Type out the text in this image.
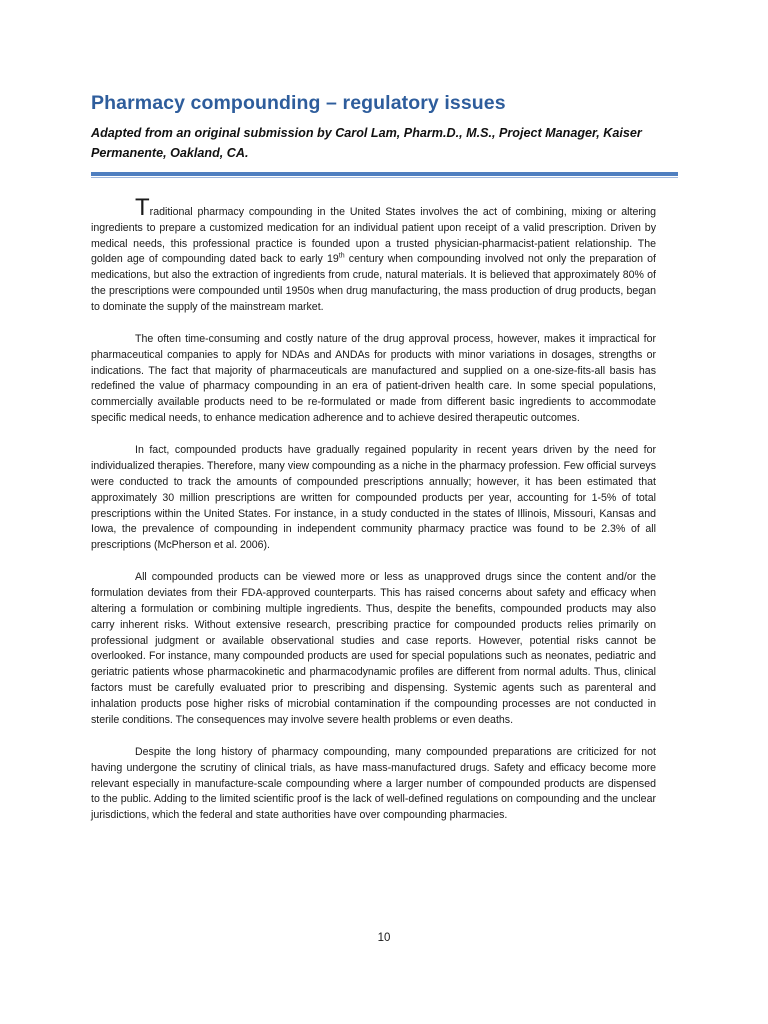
Pharmacy compounding – regulatory issues

Adapted from an original submission by Carol Lam, Pharm.D., M.S., Project Manager, Kaiser Permanente, Oakland, CA.

Traditional pharmacy compounding in the United States involves the act of combining, mixing or altering ingredients to prepare a customized medication for an individual patient upon receipt of a valid prescription. Driven by medical needs, this professional practice is founded upon a trusted physician-pharmacist-patient relationship. The golden age of compounding dated back to early 19th century when compounding involved not only the preparation of medications, but also the extraction of ingredients from crude, natural materials. It is believed that approximately 80% of the prescriptions were compounded until 1950s when drug manufacturing, the mass production of drug products, began to dominate the supply of the mainstream market.

The often time-consuming and costly nature of the drug approval process, however, makes it impractical for pharmaceutical companies to apply for NDAs and ANDAs for products with minor variations in dosages, strengths or indications. The fact that majority of pharmaceuticals are manufactured and supplied on a one-size-fits-all basis has redefined the value of pharmacy compounding in an era of patient-driven health care. In some special populations, commercially available products need to be re-formulated or made from different basic ingredients to accommodate specific medical needs, to enhance medication adherence and to achieve desired therapeutic outcomes.

In fact, compounded products have gradually regained popularity in recent years driven by the need for individualized therapies. Therefore, many view compounding as a niche in the pharmacy profession. Few official surveys were conducted to track the amounts of compounded prescriptions annually; however, it has been estimated that approximately 30 million prescriptions are written for compounded products per year, accounting for 1-5% of total prescriptions within the United States. For instance, in a study conducted in the states of Illinois, Missouri, Kansas and Iowa, the prevalence of compounding in independent community pharmacy practice was found to be 2.3% of all prescriptions (McPherson et al. 2006).

All compounded products can be viewed more or less as unapproved drugs since the content and/or the formulation deviates from their FDA-approved counterparts. This has raised concerns about safety and efficacy when altering a formulation or combining multiple ingredients. Thus, despite the benefits, compounded products may also carry inherent risks. Without extensive research, prescribing practice for compounded products relies primarily on professional judgment or available observational studies and case reports. However, potential risks cannot be overlooked. For instance, many compounded products are used for special populations such as neonates, pediatric and geriatric patients whose pharmacokinetic and pharmacodynamic profiles are different from normal adults. Thus, clinical factors must be carefully evaluated prior to prescribing and dispensing. Systemic agents such as parenteral and inhalation products pose higher risks of microbial contamination if the compounding processes are not conducted in sterile conditions. The consequences may involve severe health problems or even deaths.

Despite the long history of pharmacy compounding, many compounded preparations are criticized for not having undergone the scrutiny of clinical trials, as have mass-manufactured drugs. Safety and efficacy become more relevant especially in manufacture-scale compounding where a larger number of compounded products are dispensed to the public. Adding to the limited scientific proof is the lack of well-defined regulations on compounding and the unclear jurisdictions, which the federal and state authorities have over compounding pharmacies.

10
